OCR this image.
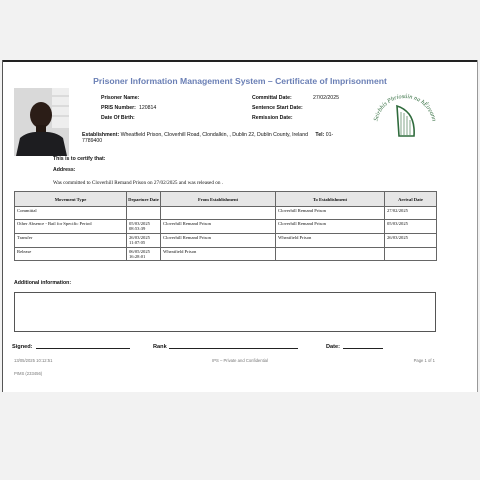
Prisoner Information Management System – Certificate of Imprisonment
Prisoner Name:
PRIS Number: 120814
Date Of Birth:
Committal Date:	27/02/2025
Sentence Start Date:
Remission Date:
Establishment: Wheatfield Prison, Cloverhill Road, Clondalkin, , Dublin 22, Dublin County, Ireland Tel: 01-
7789400
Seirbhís Phríosúin na hÉireann
This is to certify that:
Address:
Was committed to Cloverhill Remand Prison on 27/02/2025 and was released on .
Movement Type	Departure Date	From Establishment	To Establishment	Arrival Date
Committal			Cloverhill Remand Prison	27/02/2025
Other Absence - Bail for Specific Period	05/03/2025 08:53:39	Cloverhill Remand Prison	Cloverhill Remand Prison	05/03/2025
Transfer	26/03/2025 11:07:05	Cloverhill Remand Prison	Wheatfield Prison	26/03/2025
Release	06/05/2025 16:28:01	Wheatfield Prison		
Additional information:
Signed:	Rank	Date:
13/05/2025 10:12:51	IPS – Private and Confidential	Page 1 of 1
PIMS (233456)
